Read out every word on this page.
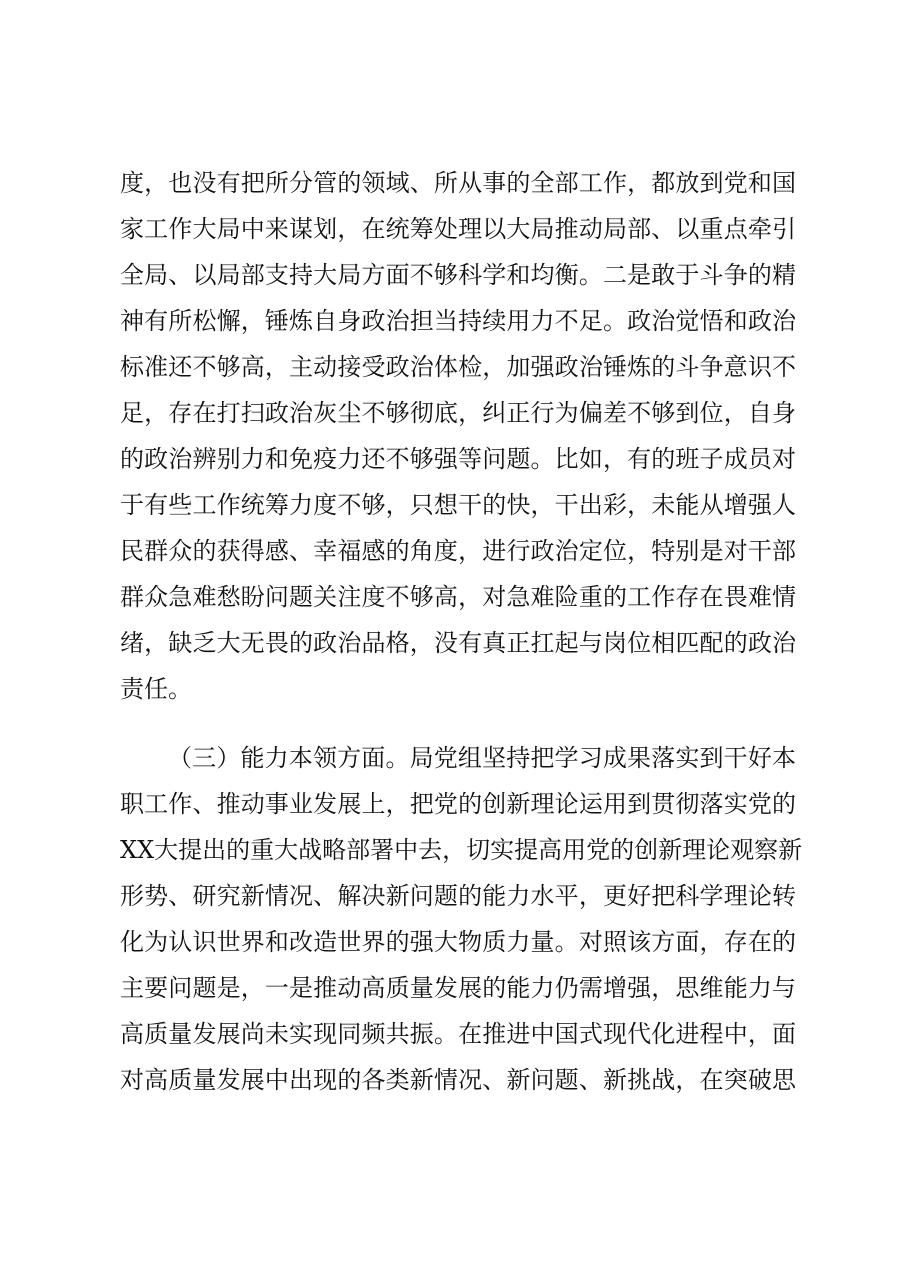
度，也没有把所分管的领域、所从事的全部工作，都放到党和国
家工作大局中来谋划，在统筹处理以大局推动局部、以重点牵引
全局、以局部支持大局方面不够科学和均衡。二是敢于斗争的精
神有所松懈，锤炼自身政治担当持续用力不足。政治觉悟和政治
标准还不够高，主动接受政治体检，加强政治锤炼的斗争意识不
足，存在打扫政治灰尘不够彻底，纠正行为偏差不够到位，自身
的政治辨别力和免疫力还不够强等问题。比如，有的班子成员对
于有些工作统筹力度不够，只想干的快，干出彩，未能从增强人
民群众的获得感、幸福感的角度，进行政治定位，特别是对干部
群众急难愁盼问题关注度不够高，对急难险重的工作存在畏难情
绪，缺乏大无畏的政治品格，没有真正扛起与岗位相匹配的政治
责任。
（三）能力本领方面。局党组坚持把学习成果落实到干好本
职工作、推动事业发展上，把党的创新理论运用到贯彻落实党的
XX大提出的重大战略部署中去，切实提高用党的创新理论观察新
形势、研究新情况、解决新问题的能力水平，更好把科学理论转
化为认识世界和改造世界的强大物质力量。对照该方面，存在的
主要问题是，一是推动高质量发展的能力仍需增强，思维能力与
高质量发展尚未实现同频共振。在推进中国式现代化进程中，面
对高质量发展中出现的各类新情况、新问题、新挑战，在突破思
